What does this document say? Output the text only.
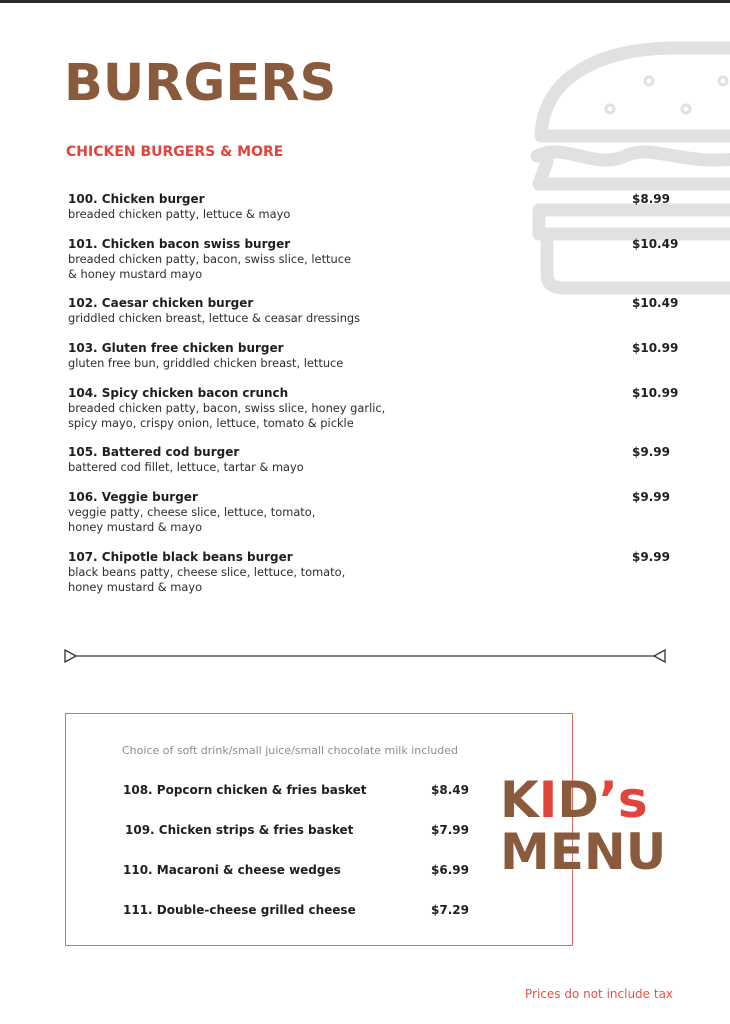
BURGERS
CHICKEN BURGERS & MORE
100. Chicken burger
breaded chicken patty, lettuce & mayo
$8.99
101. Chicken bacon swiss burger
breaded chicken patty, bacon, swiss slice, lettuce
& honey mustard mayo
$10.49
102. Caesar chicken burger
griddled chicken breast, lettuce & ceasar dressings
$10.49
103. Gluten free chicken burger
gluten free bun, griddled chicken breast, lettuce
$10.99
104. Spicy chicken bacon crunch
breaded chicken patty, bacon, swiss slice, honey garlic,
spicy mayo, crispy onion, lettuce, tomato & pickle
$10.99
105. Battered cod burger
battered cod fillet, lettuce, tartar & mayo
$9.99
106. Veggie burger
veggie patty, cheese slice, lettuce, tomato,
honey mustard & mayo
$9.99
107. Chipotle black beans burger
black beans patty, cheese slice, lettuce, tomato,
honey mustard & mayo
$9.99
Choice of soft drink/small juice/small chocolate milk included
108. Popcorn chicken & fries basket	$8.49
109. Chicken strips & fries basket	$7.99
110. Macaroni & cheese wedges	$6.99
111. Double-cheese grilled cheese	$7.29
KID’s
MENU
Prices do not include tax
